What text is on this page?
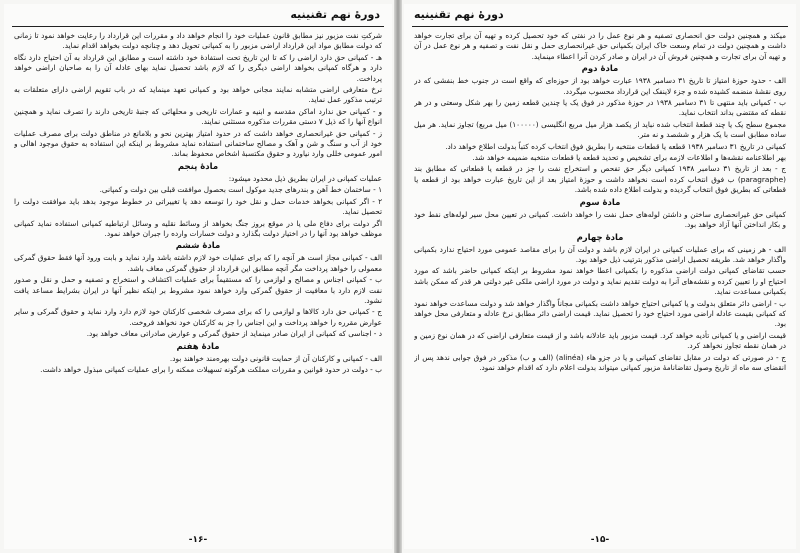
دورهٔ نهم تقنینیه

شرکتِ نفت مزبور نیز مطابق قانون عملیات خود را انجام خواهد داد و مقررات این قرارداد را رعایت خواهد نمود تا زمانی که دولت مطابق مواد این قرارداد اراضی مزبور را به کمپانی تحویل دهد و چنانچه دولت بخواهد اقدام نماید.

هـ - کمپانی حق دارد اراضی را که تا این تاریخ تحت استفادهٔ خود داشته است و مطابق این قرارداد به آن احتیاج دارد نگاه دارد و هرگاه کمپانی بخواهد اراضی دیگری را که لازم باشد تحصیل نماید بهای عادله آن را به صاحبان اراضی خواهد پرداخت.

نرخ متعارفی اراضی متشابه نمایند مجانی خواهد بود و کمپانی تعهد مینماید که در باب تقویم اراضی دارای متعلقات به ترتیب مذکور عمل نماید.

و - کمپانی حق ندارد اماکن مقدسه و ابنیه و عمارات تاریخی و محلهائی که جنبهٔ تاریخی دارند را تصرف نماید و همچنین انواع آنها را که ذیل ۷ دستی مقررات مذکوره مستثنی نمایند.

ز - کمپانی حق غیرانحصاری خواهد داشت که در حدود امتیاز بهترین نحو و بلامانع در مناطق دولت برای مصرف عملیات خود از آب و سنگ و شن و آهک و مصالح ساختمانی استفاده نماید مشروط بر اینکه این استفاده به حقوق موجود اهالی و امور عمومی خللی وارد نیاورد و حقوق مکتسبهٔ اشخاص محفوظ بماند.

مادهٔ پنجم

عملیات کمپانی در ایران بطریق ذیل محدود میشود:

۱ - ساختمان خط آهن و بندرهای جدید موکول است بحصول موافقت قبلی بین دولت و کمپانی.

۲ - اگر کمپانی بخواهد خدمات حمل و نقل خود را توسعه دهد یا تغییراتی در خطوط موجود بدهد باید موافقت دولت را تحصیل نماید.

اگر دولت برای دفاع ملی یا در موقع بروز جنگ بخواهد از وسائط نقلیه و وسائل ارتباطیه کمپانی استفاده نماید کمپانی موظف خواهد بود آنها را در اختیار دولت بگذارد و دولت خسارات وارده را جبران خواهد نمود.

مادهٔ ششم

الف - کمپانی مجاز است هر آنچه را که برای عملیات خود لازم داشته باشد وارد نماید و بابت ورود آنها فقط حقوق گمرکی معمولی را خواهد پرداخت مگر آنچه مطابق این قرارداد از حقوق گمرکی معاف باشد.

ب - کمپانی اجناس و مصالح و لوازمی را که مستقیماً برای عملیات اکتشاف و استخراج و تصفیه و حمل و نقل و صدور نفت لازم دارد با معافیت از حقوق گمرکی وارد خواهد نمود مشروط بر اینکه نظیر آنها در ایران بشرایط مساعد یافت نشود.

ج - کمپانی حق دارد کالاها و لوازمی را که برای مصرف شخصی کارکنان خود لازم دارد وارد نماید و حقوق گمرکی و سایر عوارض مقرره را خواهد پرداخت و این اجناس را جز به کارکنان خود نخواهد فروخت.

د - اجناسی که کمپانی از ایران صادر مینماید از حقوق گمرکی و عوارض صادراتی معاف خواهد بود.

مادهٔ هفتم

الف - کمپانی و کارکنان آن از حمایت قانونی دولت بهره‌مند خواهند بود.

ب - دولت در حدود قوانین و مقررات مملکت هرگونه تسهیلات ممکنه را برای عملیات کمپانی مبذول خواهد داشت.

-۱۶-
دورهٔ نهم تقنینیه

میکند و همچنین دولت حق انحصاری تصفیه و هر نوع عمل را در نفتی که خود تحصیل کرده و تهیه آن برای تجارت خواهد داشت و همچنین دولت در تمام وسعت خاک ایران بکمپانی حق غیرانحصاری حمل و نقل نفت و تصفیه و هر نوع عمل در آن و تهیه آن برای تجارت و همچنین فروش آن در ایران و صادر کردن آنرا اعطاء مینماید.

مادهٔ دوم

الف - حدود حوزهٔ امتیاز تا تاریخ ۳۱ دسامبر ۱۹۳۸ عبارت خواهد بود از حوزه‌ای که واقع است در جنوب خط بنفشی که در روی نقشهٔ منضمه کشیده شده و جزء لاینفک این قرارداد محسوب میگردد.

ب - کمپانی باید منتهی تا ۳۱ دسامبر ۱۹۳۸ در حوزهٔ مذکور در فوق یک یا چندین قطعه زمین را بهر شکل وسعتی و در هر نقطه که مقتضی بداند انتخاب نماید.

مجموع سطح یک یا چند قطعهٔ انتخاب شده نباید از یکصد هزار میل مربع انگلیسی (۱۰۰۰۰۰) میل مربع) تجاوز نماید. هر میل ساده مطابق است با یک هزار و ششصد و نه متر.

کمپانی در تاریخ ۳۱ دسامبر ۱۹۳۸ قطعه یا قطعات منتخبه را بطریق فوق انتخاب کرده کتباً بدولت اطلاع خواهد داد.

بهر اطلاعنامه نقشه‌ها و اطلاعات لازمه برای تشخیص و تحدید قطعه یا قطعات منتخبه ضمیمه خواهد شد.

ج - بعد از تاریخ ۳۱ دسامبر ۱۹۳۸ کمپانی دیگر حق تفحص و استخراج نفت را جز در قطعه یا قطعاتی که مطابق بند (paragraphe) ب فوق انتخاب کرده است نخواهد داشت و حوزهٔ امتیاز بعد از این تاریخ عبارت خواهد بود از قطعه یا قطعاتی که بطریق فوق انتخاب گردیده و بدولت اطلاع داده شده باشد.

مادهٔ سوم

کمپانی حق غیرانحصاری ساختن و داشتن لوله‌های حمل نفت را خواهد داشت. کمپانی در تعیین محل سیر لوله‌های نفط خود و بکار انداختن آنها آزاد خواهد بود.

مادهٔ چهارم

الف - هر زمینی که برای عملیات کمپانی در ایران لازم باشد و دولت آن را برای مقاصد عمومی مورد احتیاج ندارد بکمپانی واگذار خواهد شد. طریقه تحصیل اراضی مذکور بترتیب ذیل خواهد بود.

حسب تقاضای کمپانی دولت اراضی مذکوره را بکمپانی اعطا خواهد نمود مشروط بر اینکه کمپانی حاضر باشد که مورد احتیاج او را تعیین کرده و نقشه‌های آنرا به دولت تقدیم نماید و دولت در مورد اراضی ملکی غیر دولتی هر قدر که ممکن باشد بکمپانی مساعدت نماید.

ب - اراضی دائر متعلق بدولت و یا کمپانی احتیاج خواهد داشت بکمپانی مجاناً واگذار خواهد شد و دولت مساعدت خواهد نمود که کمپانی بقیمت عادله اراضی مورد احتیاج خود را تحصیل نماید. قیمت اراضی دائر مطابق نرخ عادله و متعارفی محل خواهد بود.

قیمت اراضی و یا کمپانی تأدیه خواهد کرد. قیمت مزبور باید عادلانه باشد و از قیمت متعارفی اراضی که در همان نوع زمین و در همان نقطه تجاوز نخواهد کرد.

ج - در صورتی که دولت در مقابل تقاضای کمپانی و یا در جزو هاء (alinéa) (الف و ب) مذکور در فوق جوابی ندهد پس از انقضای سه ماه از تاریخ وصول تقاضانامهٔ مزبور کمپانی میتواند بدولت اعلام دارد که اقدام خواهد نمود.

-۱۵-
